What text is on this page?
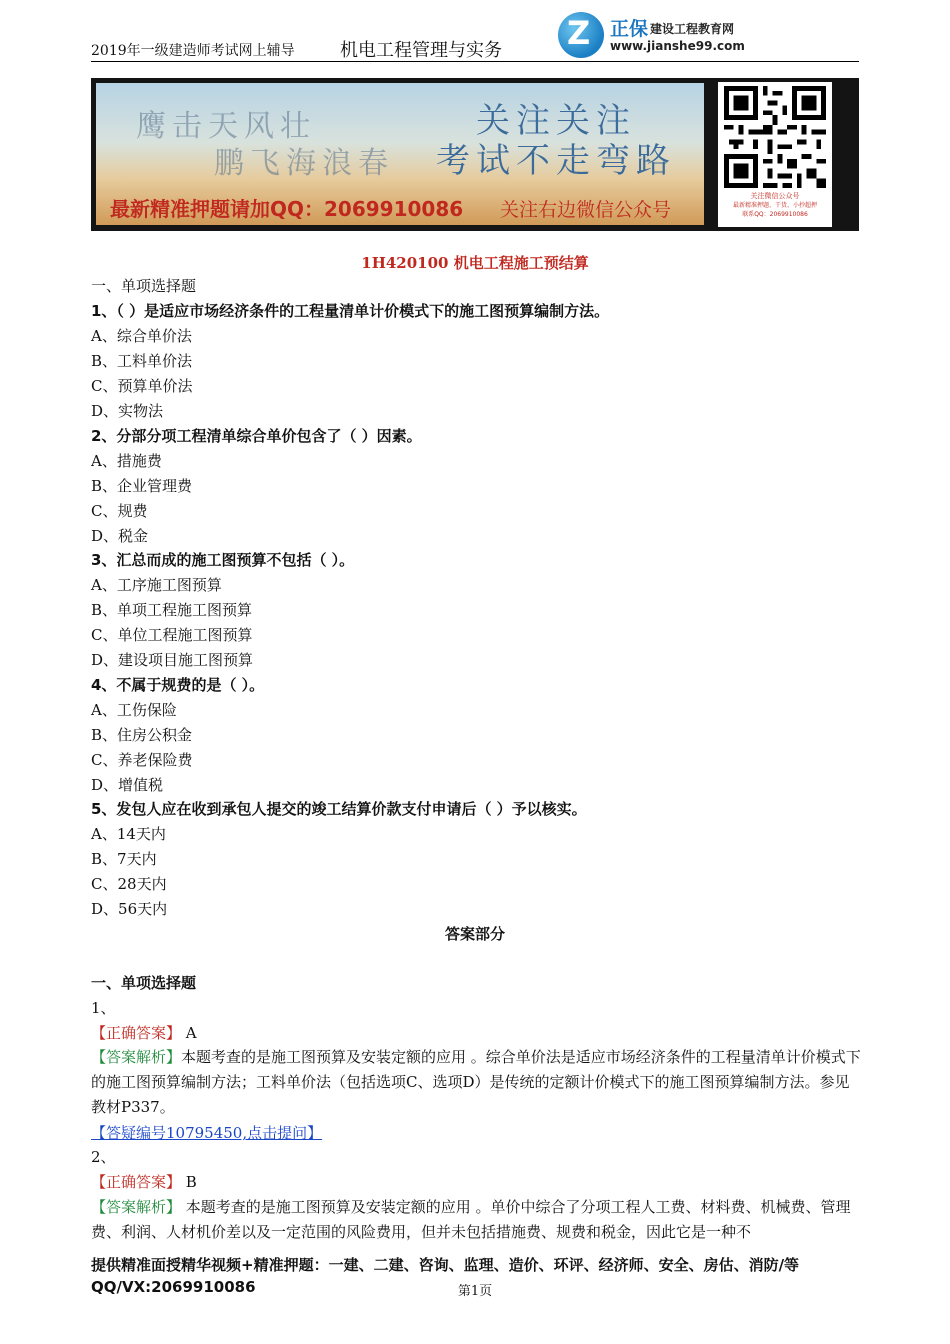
2019年一级建造师考试网上辅导	机电工程管理与实务 Z 正保 建设工程教育网
www.jianshe99.com
鹰击天风壮
鹏飞海浪春
关注关注
考试不走弯路
最新精准押题请加QQ：2069910086 关注右边微信公众号
关注微信公众号
最新精准押题、干货、小抄超押
联系QQ：2069910086
1H420100 机电工程施工预结算
一、单项选择题
1、（ ）是适应市场经济条件的工程量清单计价模式下的施工图预算编制方法。
A、综合单价法
B、工料单价法
C、预算单价法
D、实物法
2、分部分项工程清单综合单价包含了（ ）因素。
A、措施费
B、企业管理费
C、规费
D、税金
3、汇总而成的施工图预算不包括（ ）。
A、工序施工图预算
B、单项工程施工图预算
C、单位工程施工图预算
D、建设项目施工图预算
4、不属于规费的是（ ）。
A、工伤保险
B、住房公积金
C、养老保险费
D、增值税
5、发包人应在收到承包人提交的竣工结算价款支付申请后（ ）予以核实。
A、14天内
B、7天内
C、28天内
D、56天内
答案部分
一、单项选择题
1、
【正确答案】 A
【答案解析】本题考查的是施工图预算及安装定额的应用 。综合单价法是适应市场经济条件的工程量清单计价模式下的施工图预算编制方法；工料单价法（包括选项C、选项D）是传统的定额计价模式下的施工图预算编制方法。参见教材P337。
【答疑编号10795450,点击提问】
2、
【正确答案】 B
【答案解析】 本题考查的是施工图预算及安装定额的应用 。单价中综合了分项工程人工费、材料费、机械费、管理费、利润、人材机价差以及一定范围的风险费用，但并未包括措施费、规费和税金，因此它是一种不
提供精准面授精华视频+精准押题：一建、二建、咨询、监理、造价、环评、经济师、安全、房估、消防/等
QQ/VX:2069910086	第1页
